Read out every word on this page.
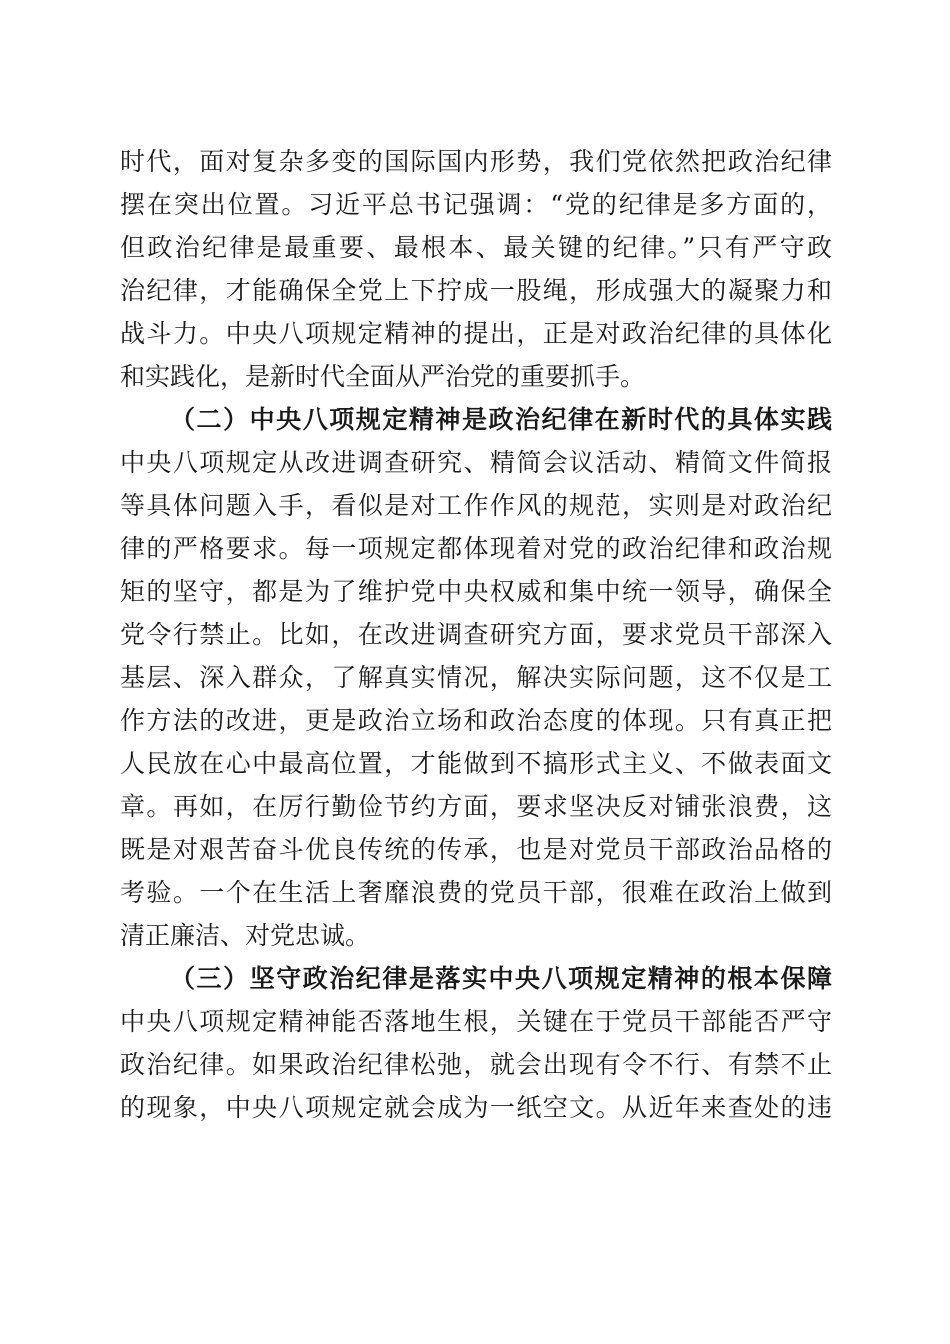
时代，面对复杂多变的国际国内形势，我们党依然把政治纪律
摆在突出位置。习近平总书记强调：“党的纪律是多方面的，
但政治纪律是最重要、最根本、最关键的纪律。”只有严守政
治纪律，才能确保全党上下拧成一股绳，形成强大的凝聚力和
战斗力。中央八项规定精神的提出，正是对政治纪律的具体化
和实践化，是新时代全面从严治党的重要抓手。
（二）中央八项规定精神是政治纪律在新时代的具体实践
中央八项规定从改进调查研究、精简会议活动、精简文件简报
等具体问题入手，看似是对工作作风的规范，实则是对政治纪
律的严格要求。每一项规定都体现着对党的政治纪律和政治规
矩的坚守，都是为了维护党中央权威和集中统一领导，确保全
党令行禁止。比如，在改进调查研究方面，要求党员干部深入
基层、深入群众，了解真实情况，解决实际问题，这不仅是工
作方法的改进，更是政治立场和政治态度的体现。只有真正把
人民放在心中最高位置，才能做到不搞形式主义、不做表面文
章。再如，在厉行勤俭节约方面，要求坚决反对铺张浪费，这
既是对艰苦奋斗优良传统的传承，也是对党员干部政治品格的
考验。一个在生活上奢靡浪费的党员干部，很难在政治上做到
清正廉洁、对党忠诚。
（三）坚守政治纪律是落实中央八项规定精神的根本保障
中央八项规定精神能否落地生根，关键在于党员干部能否严守
政治纪律。如果政治纪律松弛，就会出现有令不行、有禁不止
的现象，中央八项规定就会成为一纸空文。从近年来查处的违
